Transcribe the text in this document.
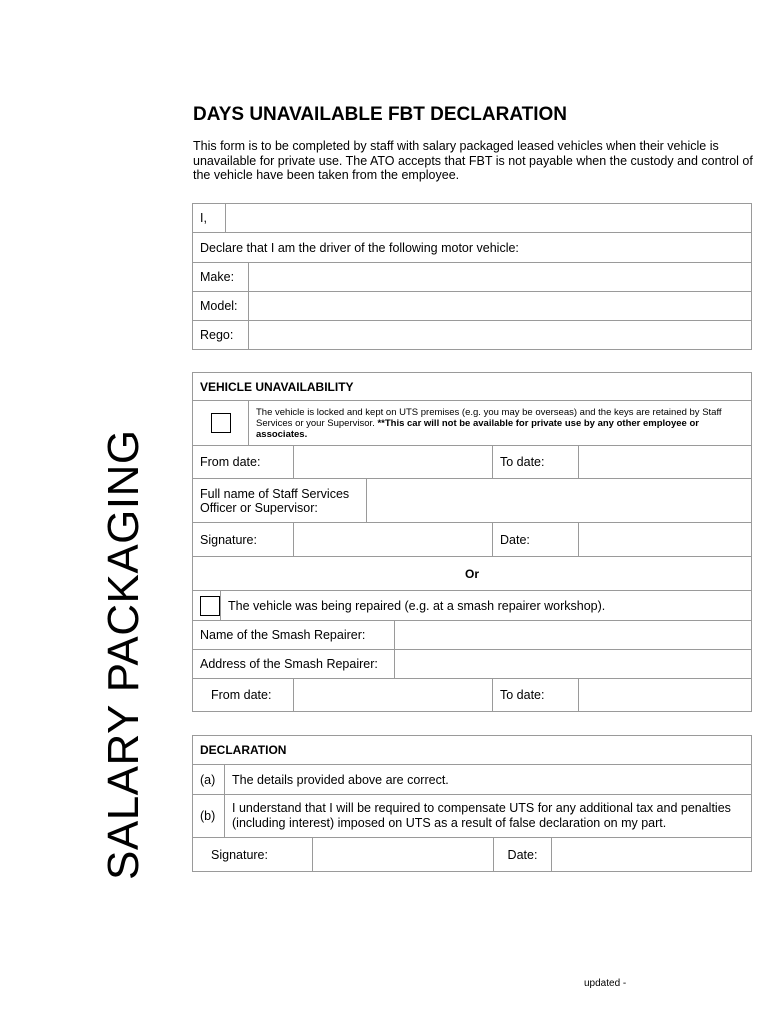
SALARY PACKAGING
DAYS UNAVAILABLE FBT DECLARATION

This form is to be completed by staff with salary packaged leased vehicles when their vehicle is unavailable for private use. The ATO accepts that FBT is not payable when the custody and control of the vehicle have been taken from the employee.

I,		
Declare that I am the driver of the following motor vehicle:		
Make:		
Model:		
Rego:		
VEHICLE UNAVAILABILITY							

		The vehicle is locked and kept on UTS premises (e.g. you may be overseas) and the keys are retained by Staff Services or your Supervisor. **This car will not be available for private use by any other employee or associates.					
From date:						To date:	
Full name of Staff Services Officer or Supervisor:							
Signature:						Date:	
Or							

	The vehicle was being repaired (e.g. at a smash repairer workshop).						
Name of the Smash Repairer:							
Address of the Smash Repairer:							
From date:						To date:	
DECLARATION				
(a)	The details provided above are correct.			
(b)	I understand that I will be required to compensate UTS for any additional tax and penalties (including interest) imposed on UTS as a result of false declaration on my part.			
Signature:			Date:	
updated -
